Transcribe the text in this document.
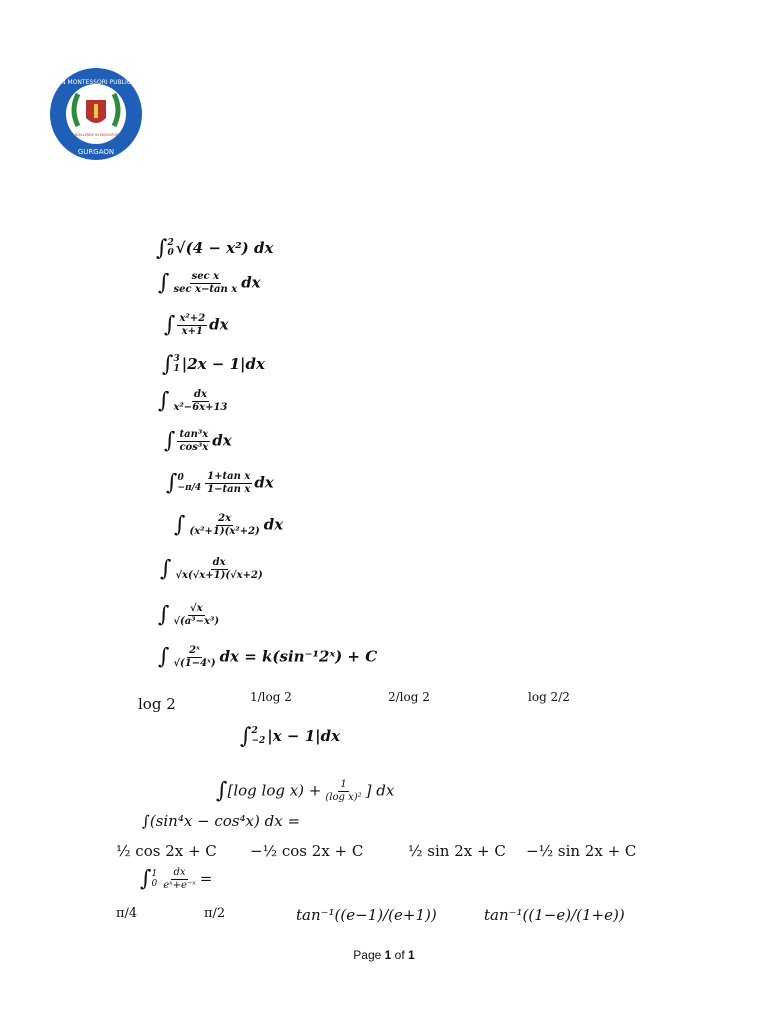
AMERICAN MONTESSORI PUBLIC SCHOOL
GURGAON
EXCELLENCE IN EDUCATION
∫ 2
0 √(4 − x²) dx
∫ $\frac{\text{sec x}}{\text{sec x−tan x}}$ dx
∫ $\frac{\text{x²+2}}{x+1}$ dx
∫ 3
1 |2x − 1|dx
∫ $\frac{dx}{\text{x²−6x+13}}$
∫ $\frac{\text{tan³x}}{\text{cos³x}}$ dx
∫ 0
$-\pi/4 \frac{\text{1+tan x}}{\text{1−tan x}}$ dx
∫ $\frac{2x}{\text{(x²+1)(x²+2)}}$ dx
∫ $\frac{dx}{√x(√x+1)(√x+2)}$
∫ $\frac{√x}{\text{√(a³−x³)}}$
∫ $\frac{\text{2ˣ}}{\text{√(1−4ˣ)}}$ dx = k(sin⁻¹2ˣ) + C
log 2	1/log 2	2/log 2	log 2/2
∫ 2
−2 |x − 1|dx
∫[log $\log x) + \frac{1}{\text{(log x)²}}$ ] dx
∫(sin⁴x − cos⁴x) dx =
½ cos 2x + C −½ cos 2x + C	½ sin 2x + C −½ sin 2x + C
∫ 1
$0 \frac{dx}{\text{eˣ+e⁻ˣ}}$ =
π/4	π/2	tan⁻¹((e−1)/(e+1))	tan⁻¹((1−e)/(1+e))
Page 1 of 1
